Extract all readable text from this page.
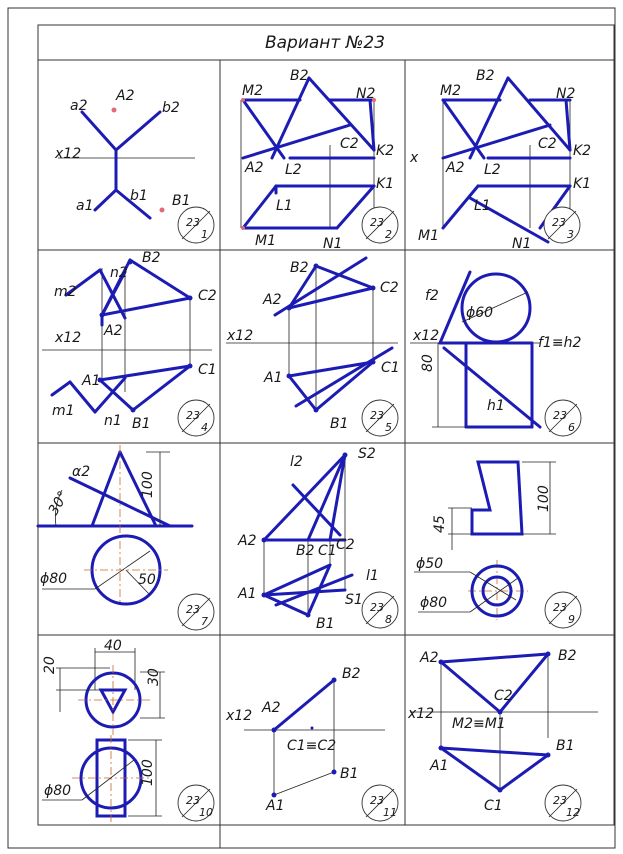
Вариант №23
a2
A2
b2
x12
a1
b1 B1
23
1
M2
B2
N2
C2 K2
A2 L2
K1
L1
M1	N1
23
2
M2
B2
N2
C2 K2
x
A2 L2
K1
L1
M1	N1
23
3
m2
n2
B2
C2
x12 A2
A1
C1
m1
n1 B1
23
4
B2
A2
C2
x12
A1
C1
B1
23
5
f2
ϕ60
x12	f1≡h2
80
h1
23
6
α2	100
30°
ϕ80	50
23
7
l2	S2
A2
B2 C1 C2
l1
A1	S1
B1
23
8
100
45
ϕ50
ϕ80	23
9
40
20
30
ϕ80
100
23
10
B2
x12 A2
C1≡C2
B1
A1	23
11
A2	B2
C2
x12
M2≡M1
B1
A1
C1	23
12
